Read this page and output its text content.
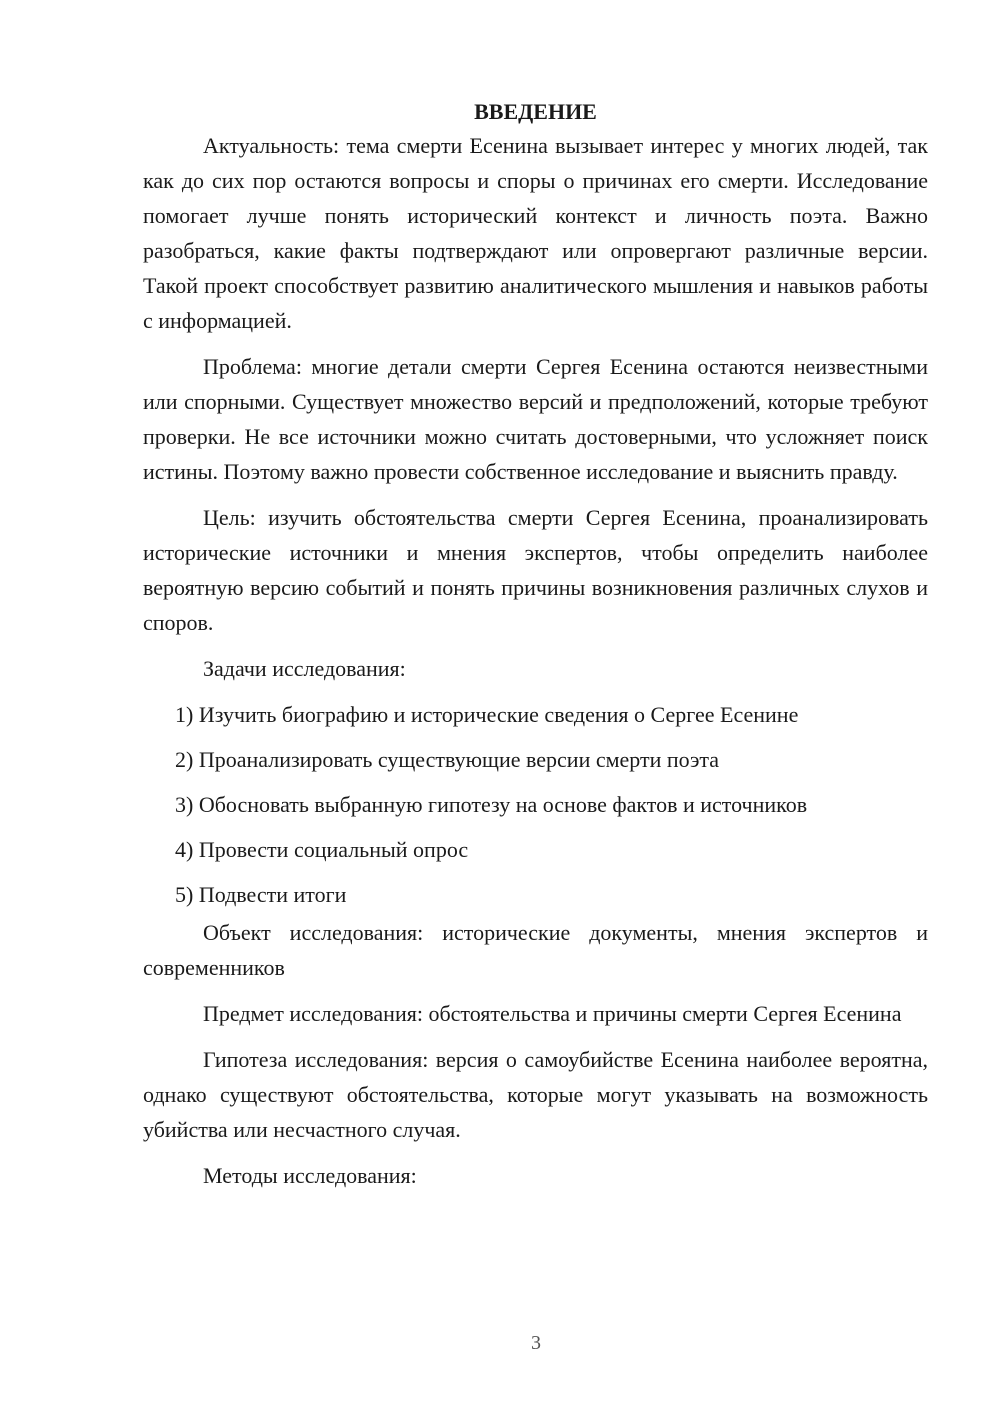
ВВЕДЕНИЕ

Актуальность: тема смерти Есенина вызывает интерес у многих людей, так как до сих пор остаются вопросы и споры о причинах его смерти. Исследование помогает лучше понять исторический контекст и личность поэта. Важно разобраться, какие факты подтверждают или опровергают различные версии. Такой проект способствует развитию аналитического мышления и навыков работы с информацией.

Проблема: многие детали смерти Сергея Есенина остаются неизвестными или спорными. Существует множество версий и предположений, которые требуют проверки. Не все источники можно считать достоверными, что усложняет поиск истины. Поэтому важно провести собственное исследование и выяснить правду.

Цель: изучить обстоятельства смерти Сергея Есенина, проанализировать исторические источники и мнения экспертов, чтобы определить наиболее вероятную версию событий и понять причины возникновения различных слухов и споров.

Задачи исследования:

1) Изучить биографию и исторические сведения о Сергее Есенине
2) Проанализировать существующие версии смерти поэта
3) Обосновать выбранную гипотезу на основе фактов и источников
4) Провести социальный опрос
5) Подвести итоги

Объект исследования: исторические документы, мнения экспертов и современников

Предмет исследования: обстоятельства и причины смерти Сергея Есенина

Гипотеза исследования: версия о самоубийстве Есенина наиболее вероятна, однако существуют обстоятельства, которые могут указывать на возможность убийства или несчастного случая.

Методы исследования:

3
